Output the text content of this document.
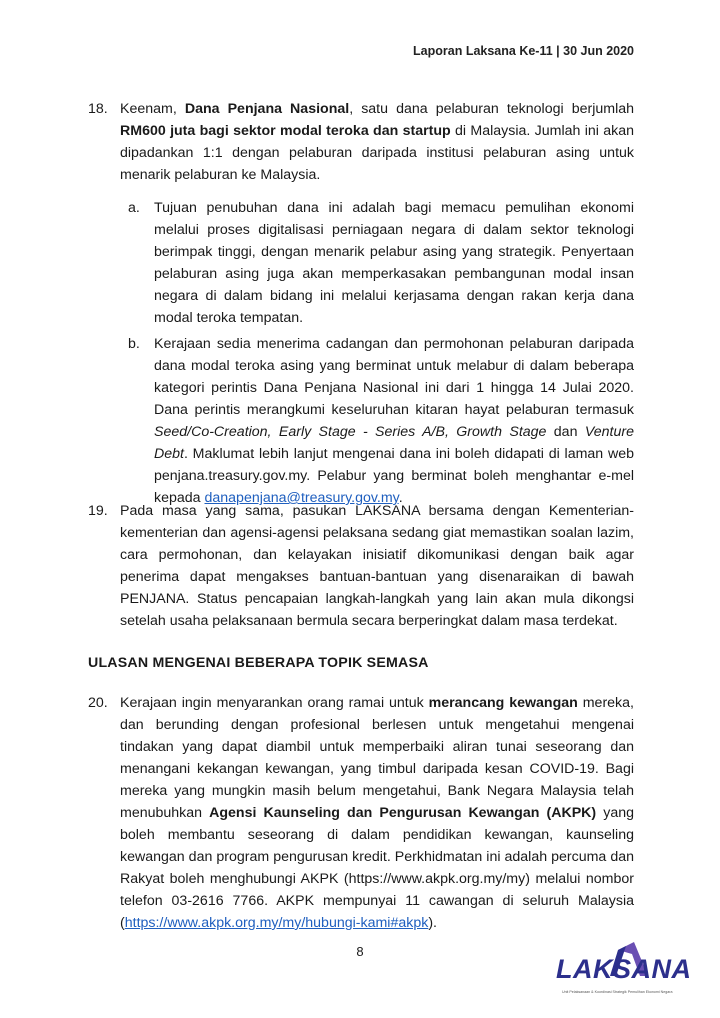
Laporan Laksana Ke-11 | 30 Jun 2020
18. Keenam, Dana Penjana Nasional, satu dana pelaburan teknologi berjumlah RM600 juta bagi sektor modal teroka dan startup di Malaysia. Jumlah ini akan dipadankan 1:1 dengan pelaburan daripada institusi pelaburan asing untuk menarik pelaburan ke Malaysia.
a. Tujuan penubuhan dana ini adalah bagi memacu pemulihan ekonomi melalui proses digitalisasi perniagaan negara di dalam sektor teknologi berimpak tinggi, dengan menarik pelabur asing yang strategik. Penyertaan pelaburan asing juga akan memperkasakan pembangunan modal insan negara di dalam bidang ini melalui kerjasama dengan rakan kerja dana modal teroka tempatan.
b. Kerajaan sedia menerima cadangan dan permohonan pelaburan daripada dana modal teroka asing yang berminat untuk melabur di dalam beberapa kategori perintis Dana Penjana Nasional ini dari 1 hingga 14 Julai 2020. Dana perintis merangkumi keseluruhan kitaran hayat pelaburan termasuk Seed/Co-Creation, Early Stage - Series A/B, Growth Stage dan Venture Debt. Maklumat lebih lanjut mengenai dana ini boleh didapati di laman web penjana.treasury.gov.my. Pelabur yang berminat boleh menghantar e-mel kepada danapenjana@treasury.gov.my.
19. Pada masa yang sama, pasukan LAKSANA bersama dengan Kementerian-kementerian dan agensi-agensi pelaksana sedang giat memastikan soalan lazim, cara permohonan, dan kelayakan inisiatif dikomunikasi dengan baik agar penerima dapat mengakses bantuan-bantuan yang disenaraikan di bawah PENJANA. Status pencapaian langkah-langkah yang lain akan mula dikongsi setelah usaha pelaksanaan bermula secara berperingkat dalam masa terdekat.
ULASAN MENGENAI BEBERAPA TOPIK SEMASA
20. Kerajaan ingin menyarankan orang ramai untuk merancang kewangan mereka, dan berunding dengan profesional berlesen untuk mengetahui mengenai tindakan yang dapat diambil untuk memperbaiki aliran tunai seseorang dan menangani kekangan kewangan, yang timbul daripada kesan COVID-19. Bagi mereka yang mungkin masih belum mengetahui, Bank Negara Malaysia telah menubuhkan Agensi Kaunseling dan Pengurusan Kewangan (AKPK) yang boleh membantu seseorang di dalam pendidikan kewangan, kaunseling kewangan dan program pengurusan kredit. Perkhidmatan ini adalah percuma dan Rakyat boleh menghubungi AKPK (https://www.akpk.org.my/my) melalui nombor telefon 03-2616 7766. AKPK mempunyai 11 cawangan di seluruh Malaysia (https://www.akpk.org.my/my/hubungi-kami#akpk).
8
LAKSANA
Unit Pelaksanaan & Koordinasi Strategik Pemulihan Ekonomi Negara
